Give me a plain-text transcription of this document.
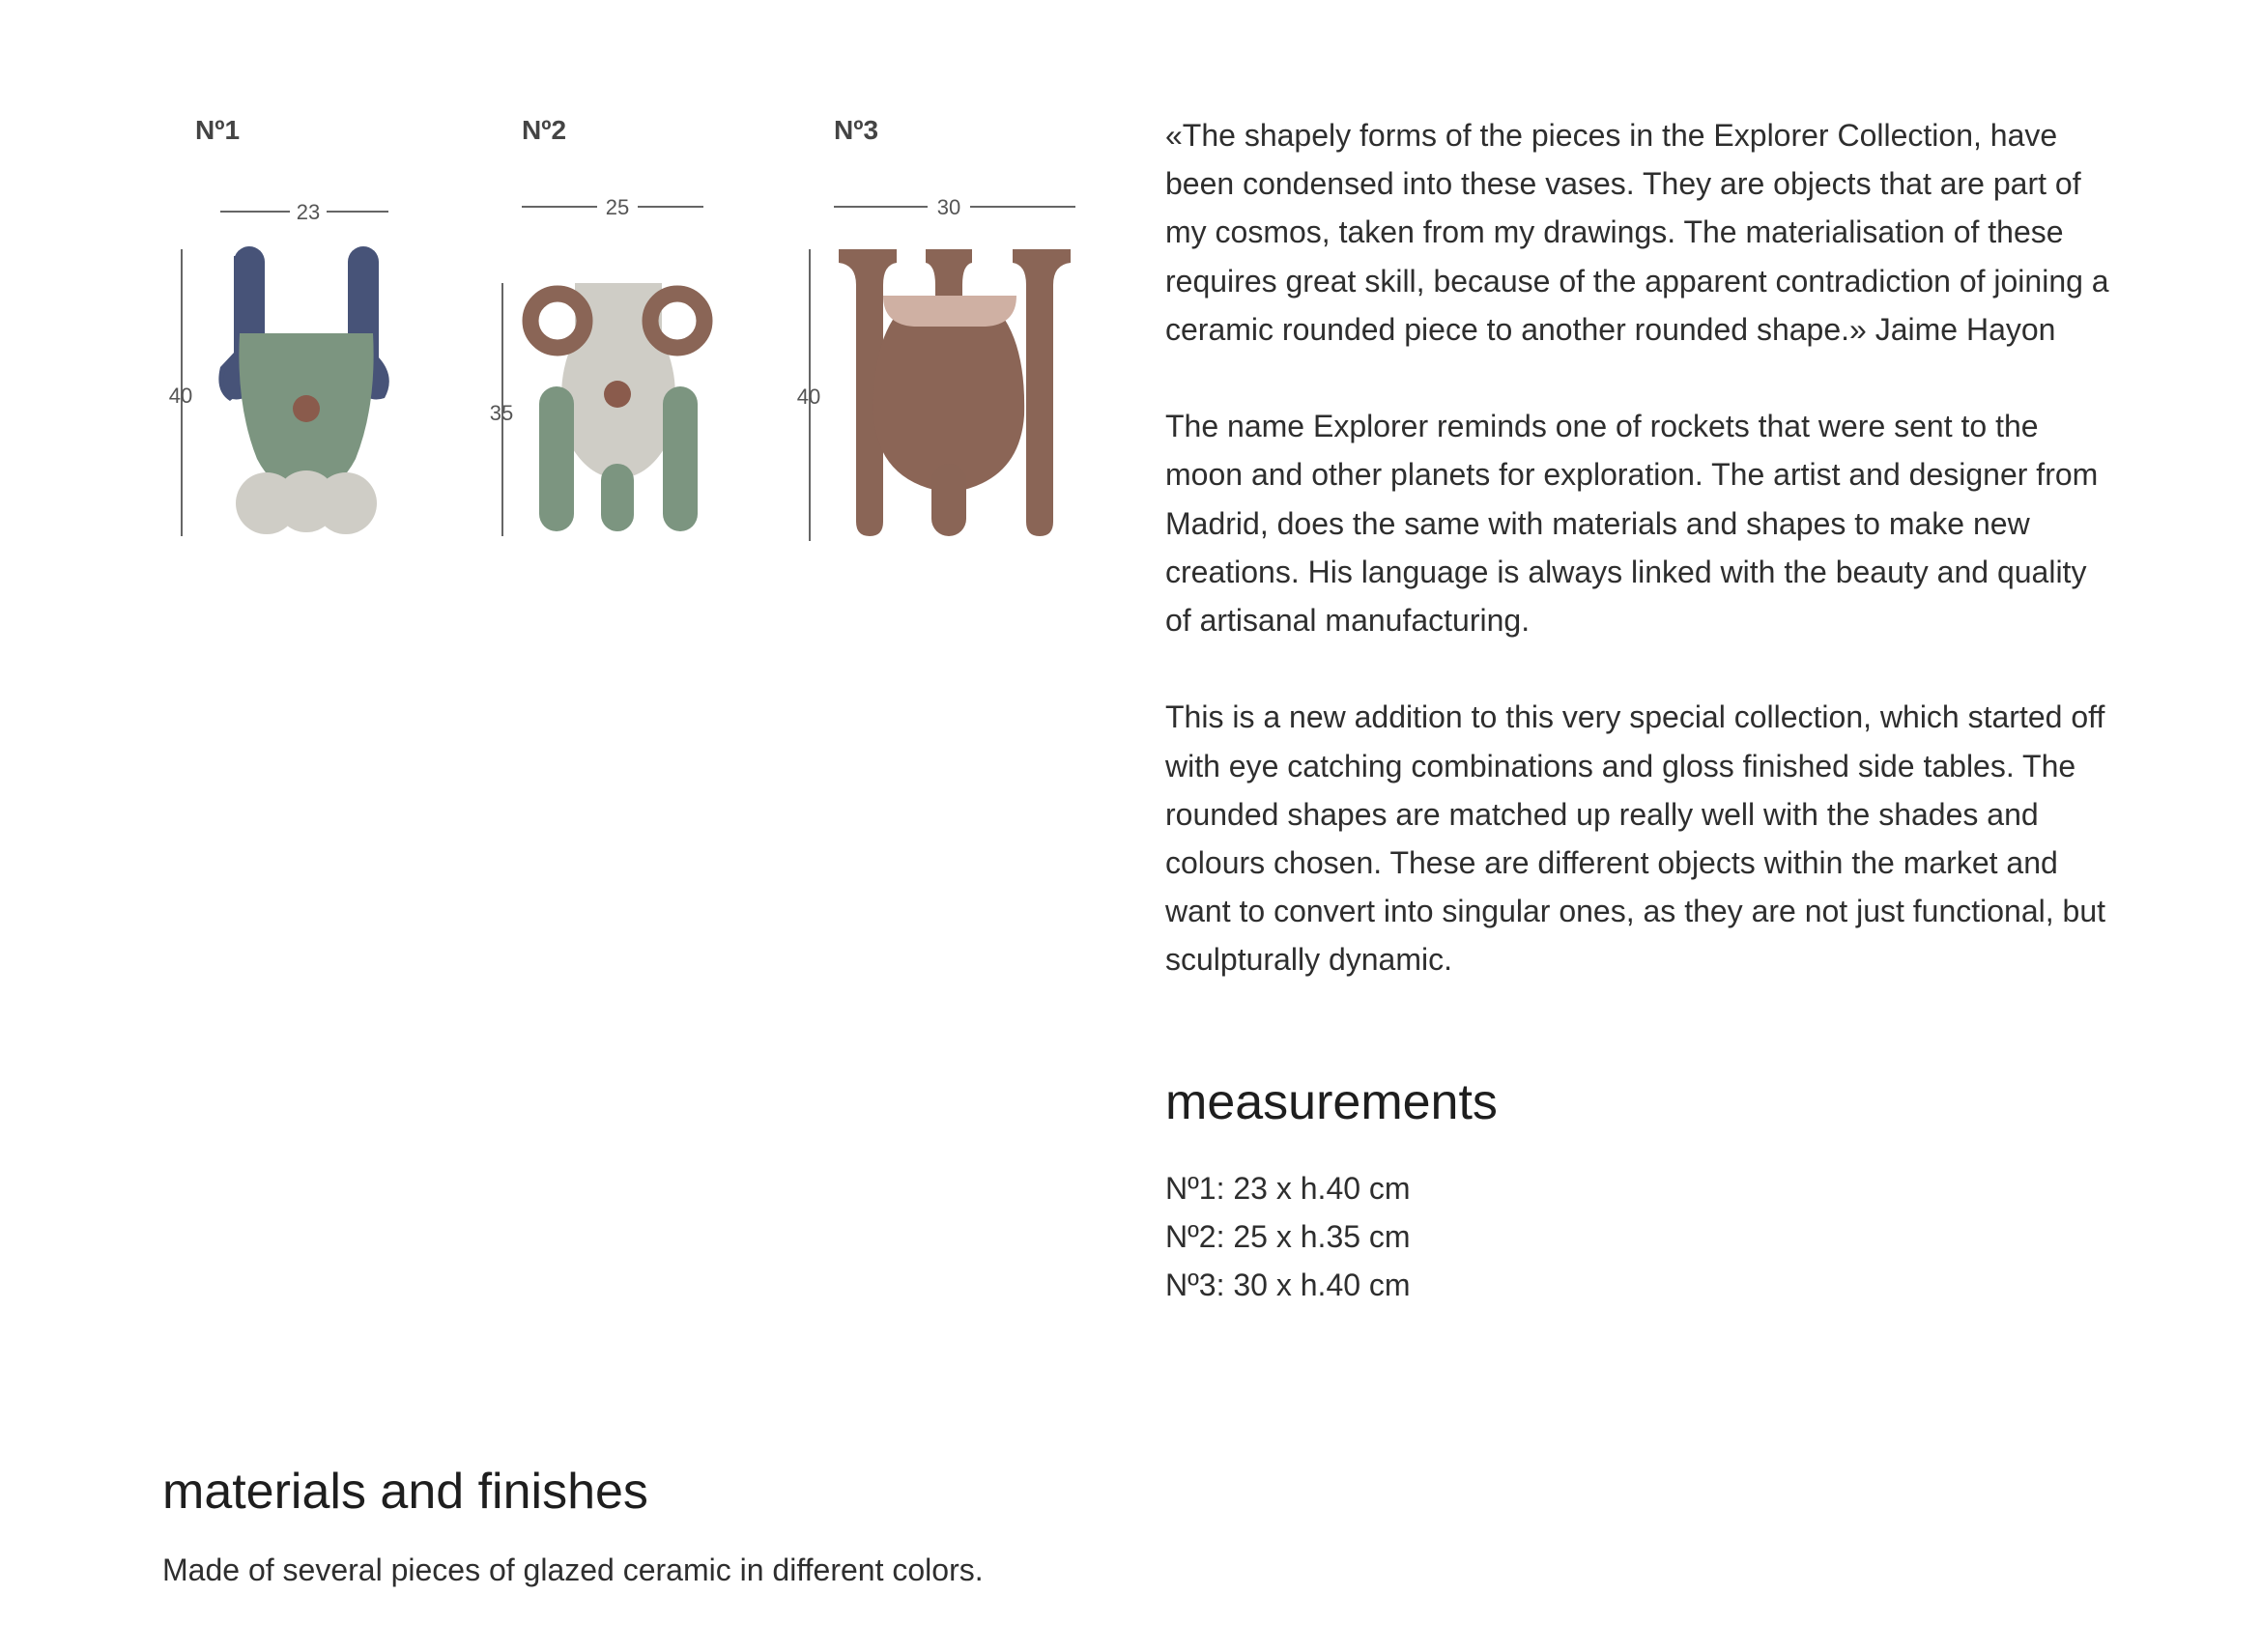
Nº1
23
40
Nº2
25
35
Nº3
30
40

«The shapely forms of the pieces in the Explorer Collection, have been condensed into these vases. They are objects that are part of my cosmos, taken from my drawings. The materialisation of these requires great skill, because of the apparent contradiction of joining a ceramic rounded piece to another rounded shape.» Jaime Hayon

The name Explorer reminds one of rockets that were sent to the moon and other planets for exploration. The artist and designer from Madrid, does the same with materials and shapes to make new creations. His language is always linked with the beauty and quality of artisanal manufacturing.

This is a new addition to this very special collection, which started off with eye catching combinations and gloss finished side tables. The rounded shapes are matched up really well with the shades and colours chosen. These are different objects within the market and want to convert into singular ones, as they are not just functional, but sculpturally dynamic.

measurements
Nº1: 23 x h.40 cm
Nº2: 25 x h.35 cm
Nº3: 30 x h.40 cm
materials and finishes

Made of several pieces of glazed ceramic in different colors.
